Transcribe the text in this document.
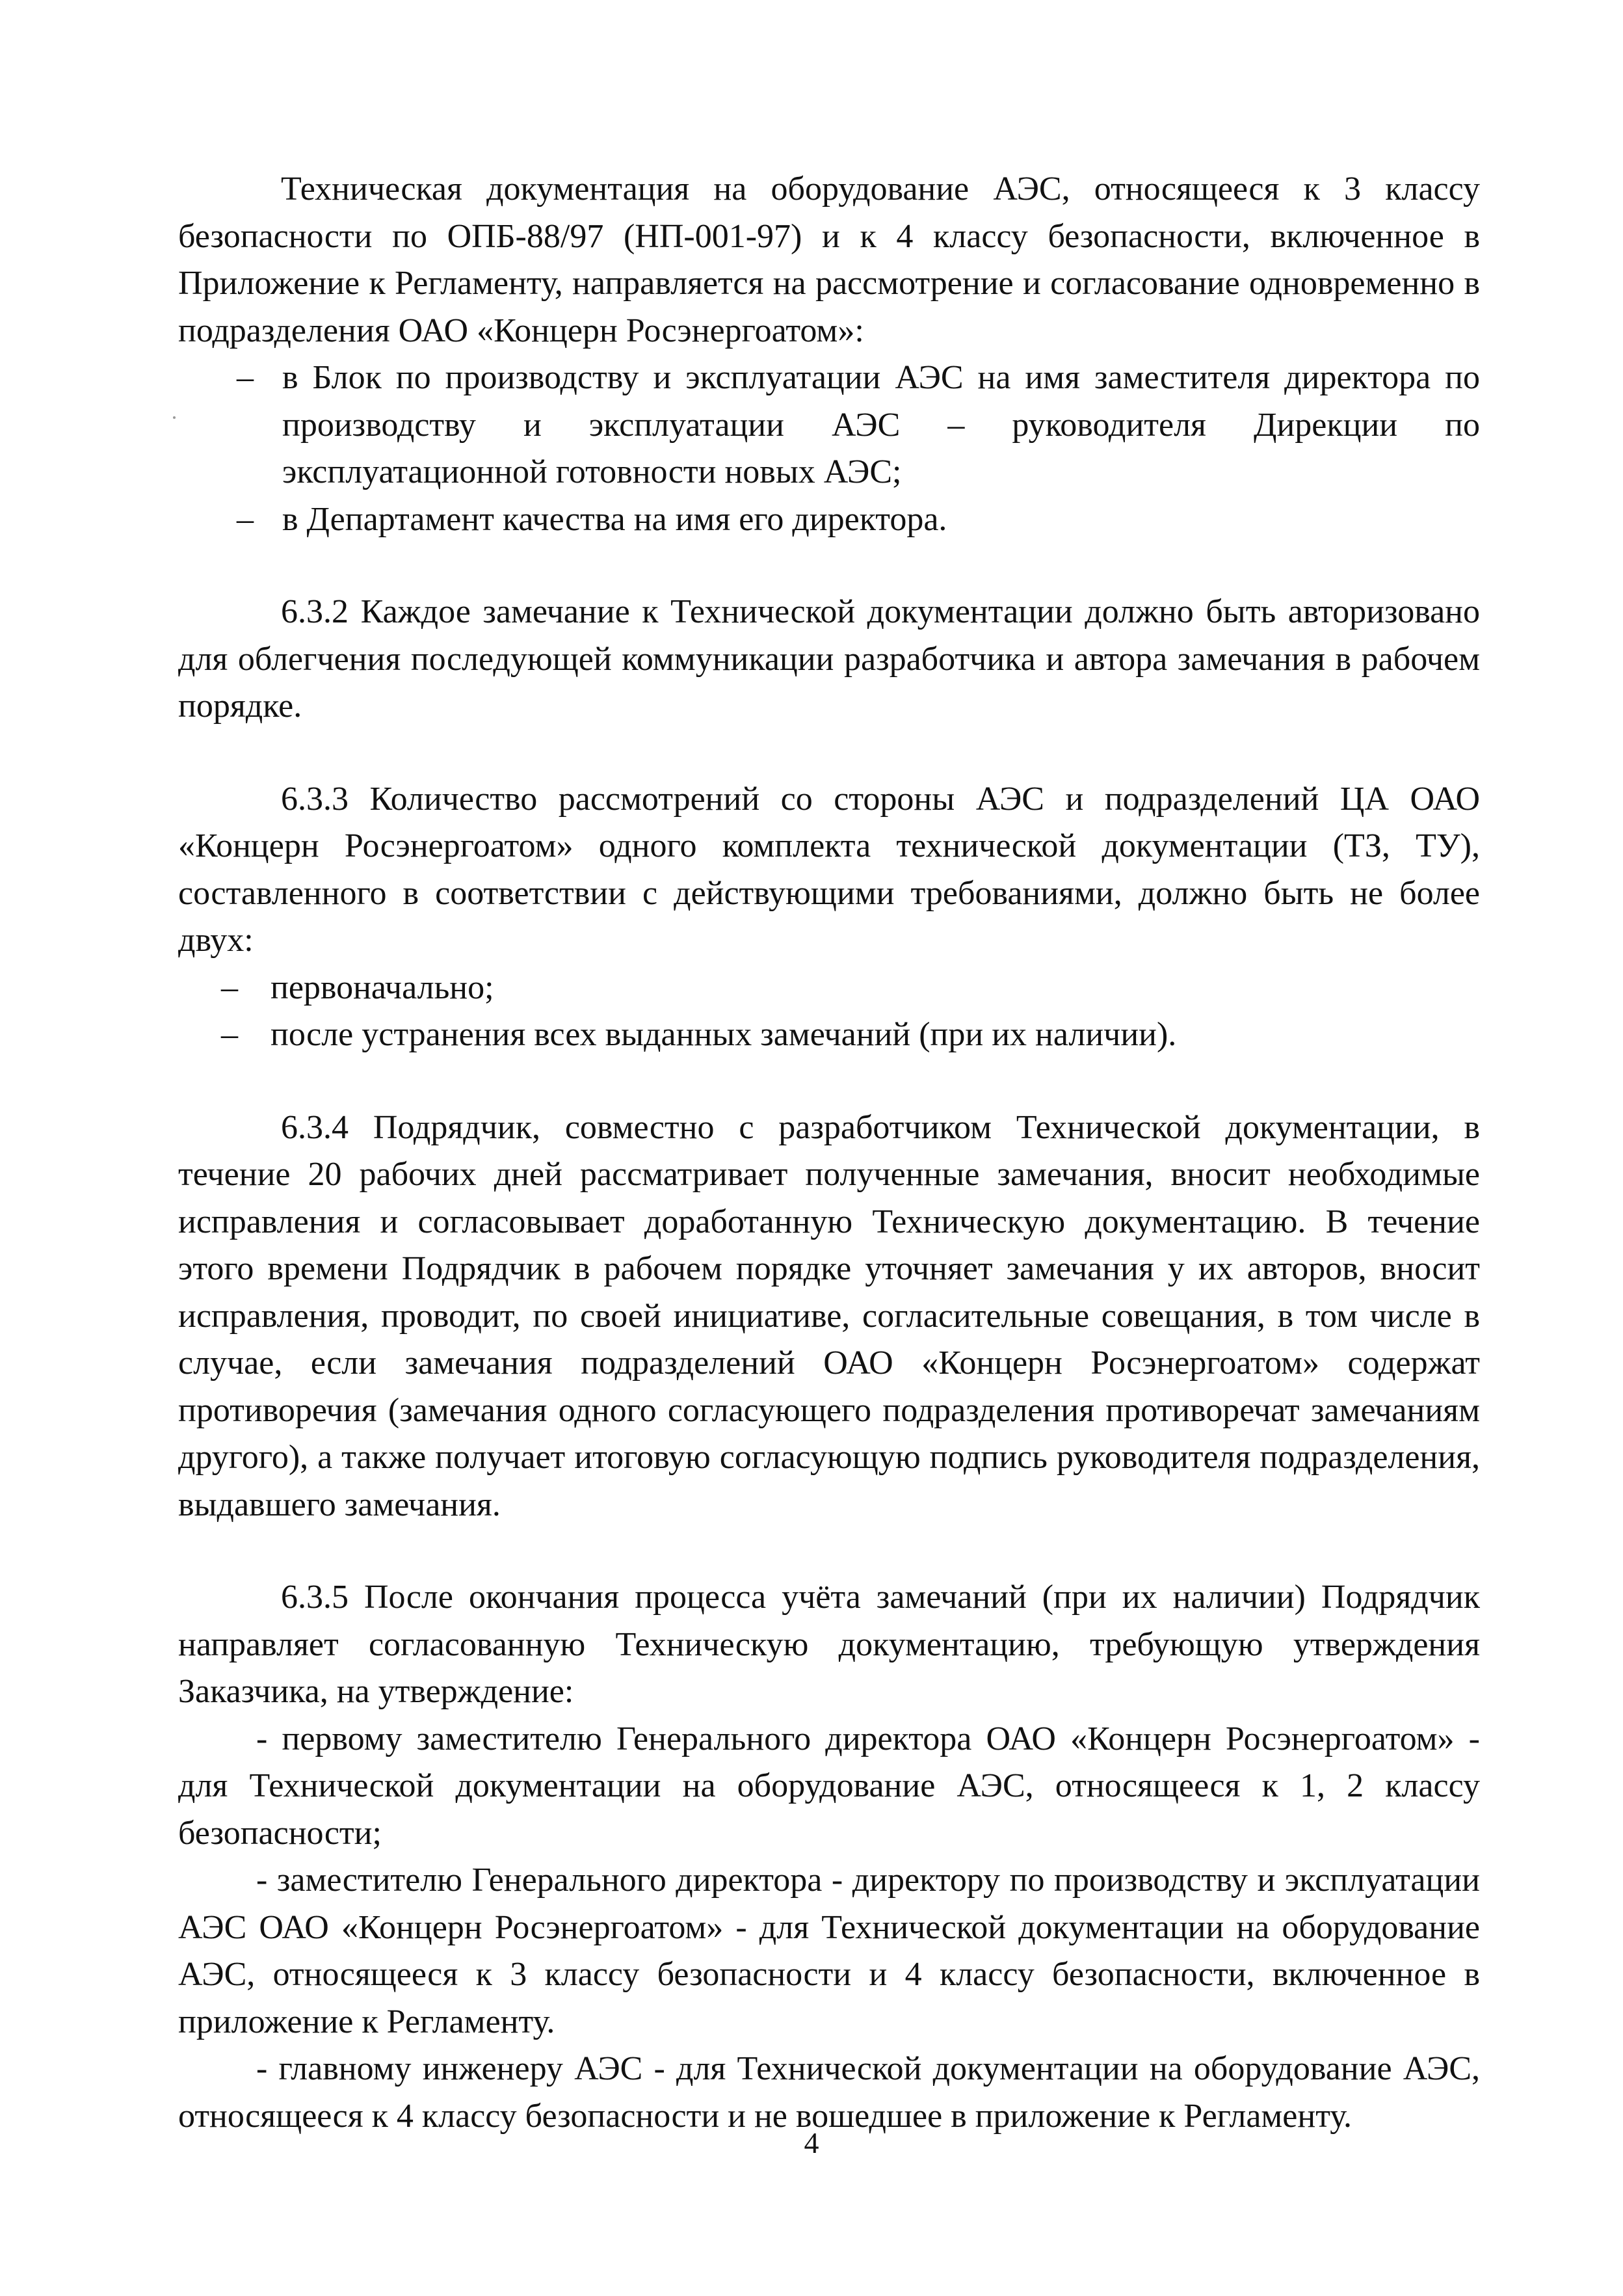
Техническая документация на оборудование АЭС, относящееся к 3 классу безопасности по ОПБ-88/97 (НП-001-97) и к 4 классу безопасности, включенное в Приложение к Регламенту, направляется на рассмотрение и согласование одновременно в подразделения ОАО «Концерн Росэнергоатом»:

– в Блок по производству и эксплуатации АЭС на имя заместителя директора по производству и эксплуатации АЭС – руководителя Дирекции по эксплуатационной готовности новых АЭС;
– в Департамент качества на имя его директора.

6.3.2 Каждое замечание к Технической документации должно быть авторизовано для облегчения последующей коммуникации разработчика и автора замечания в рабочем порядке.

6.3.3 Количество рассмотрений со стороны АЭС и подразделений ЦА ОАО «Концерн Росэнергоатом» одного комплекта технической документации (ТЗ, ТУ), составленного в соответствии с действующими требованиями, должно быть не более двух:

– первоначально;
– после устранения всех выданных замечаний (при их наличии).

6.3.4 Подрядчик, совместно с разработчиком Технической документации, в течение 20 рабочих дней рассматривает полученные замечания, вносит необходимые исправления и согласовывает доработанную Техническую документацию. В течение этого времени Подрядчик в рабочем порядке уточняет замечания у их авторов, вносит исправления, проводит, по своей инициативе, согласительные совещания, в том числе в случае, если замечания подразделений ОАО «Концерн Росэнергоатом» содержат противоречия (замечания одного согласующего подразделения противоречат замечаниям другого), а также получает итоговую согласующую подпись руководителя подразделения, выдавшего замечания.

6.3.5 После окончания процесса учёта замечаний (при их наличии) Подрядчик направляет согласованную Техническую документацию, требующую утверждения Заказчика, на утверждение:

- первому заместителю Генерального директора ОАО «Концерн Росэнергоатом» - для Технической документации на оборудование АЭС, относящееся к 1, 2 классу безопасности;

- заместителю Генерального директора - директору по производству и эксплуатации АЭС ОАО «Концерн Росэнергоатом» - для Технической документации на оборудование АЭС, относящееся к 3 классу безопасности и 4 классу безопасности, включенное в приложение к Регламенту.

- главному инженеру АЭС - для Технической документации на оборудование АЭС, относящееся к 4 классу безопасности и не вошедшее в приложение к Регламенту.

4
